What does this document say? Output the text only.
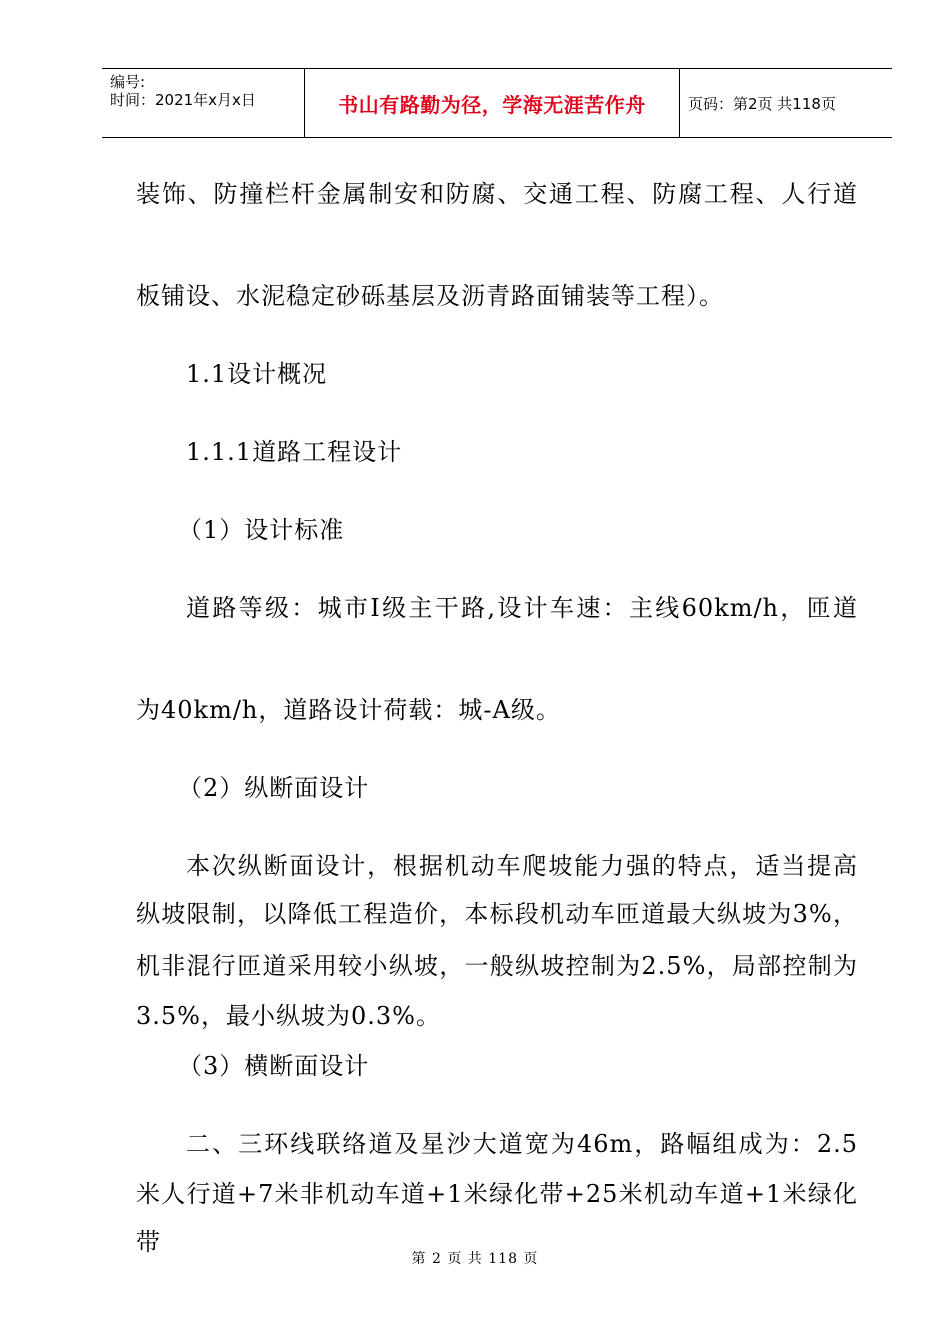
编号:
时间：2021年x月x日	书山有路勤为径，学海无涯苦作舟	页码：第2页 共118页
装饰、防撞栏杆金属制安和防腐、交通工程、防腐工程、人行道
板铺设、水泥稳定砂砾基层及沥青路面铺装等工程）。
1.1设计概况
1.1.1道路工程设计
（1）设计标准
道路等级：城市Ⅰ级主干路,设计车速：主线60km/h，匝道
为40km/h，道路设计荷载：城-A级。
（2）纵断面设计
本次纵断面设计，根据机动车爬坡能力强的特点，适当提高
纵坡限制，以降低工程造价，本标段机动车匝道最大纵坡为3%，
机非混行匝道采用较小纵坡，一般纵坡控制为2.5%，局部控制为
3.5%，最小纵坡为0.3%。
（3）横断面设计
二、三环线联络道及星沙大道宽为46m，路幅组成为：2.5
米人行道+7米非机动车道+1米绿化带+25米机动车道+1米绿化带
第 2 页 共 118 页
